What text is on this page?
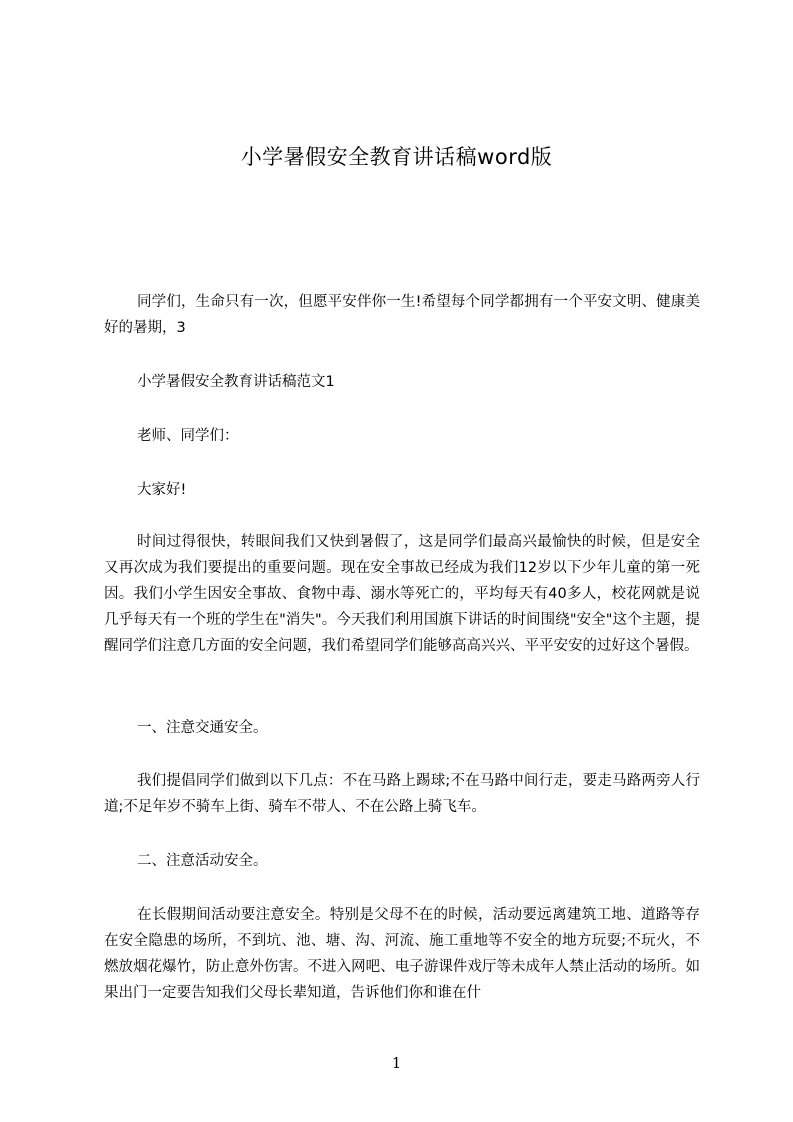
小学暑假安全教育讲话稿word版

同学们，生命只有一次，但愿平安伴你一生!希望每个同学都拥有一个平安文明、健康美好的暑期，3

小学暑假安全教育讲话稿范文1

老师、同学们：

大家好!

时间过得很快，转眼间我们又快到暑假了，这是同学们最高兴最愉快的时候，但是安全又再次成为我们要提出的重要问题。现在安全事故已经成为我们12岁以下少年儿童的第一死因。我们小学生因安全事故、食物中毒、溺水等死亡的，平均每天有40多人，校花网就是说几乎每天有一个班的学生在"消失"。今天我们利用国旗下讲话的时间围绕"安全"这个主题，提醒同学们注意几方面的安全问题，我们希望同学们能够高高兴兴、平平安安的过好这个暑假。

一、注意交通安全。

我们提倡同学们做到以下几点：不在马路上踢球;不在马路中间行走，要走马路两旁人行道;不足年岁不骑车上街、骑车不带人、不在公路上骑飞车。

二、注意活动安全。

在长假期间活动要注意安全。特别是父母不在的时候，活动要远离建筑工地、道路等存在安全隐患的场所，不到坑、池、塘、沟、河流、施工重地等不安全的地方玩耍;不玩火，不燃放烟花爆竹，防止意外伤害。不进入网吧、电子游课件戏厅等未成年人禁止活动的场所。如果出门一定要告知我们父母长辈知道，告诉他们你和谁在什

1
